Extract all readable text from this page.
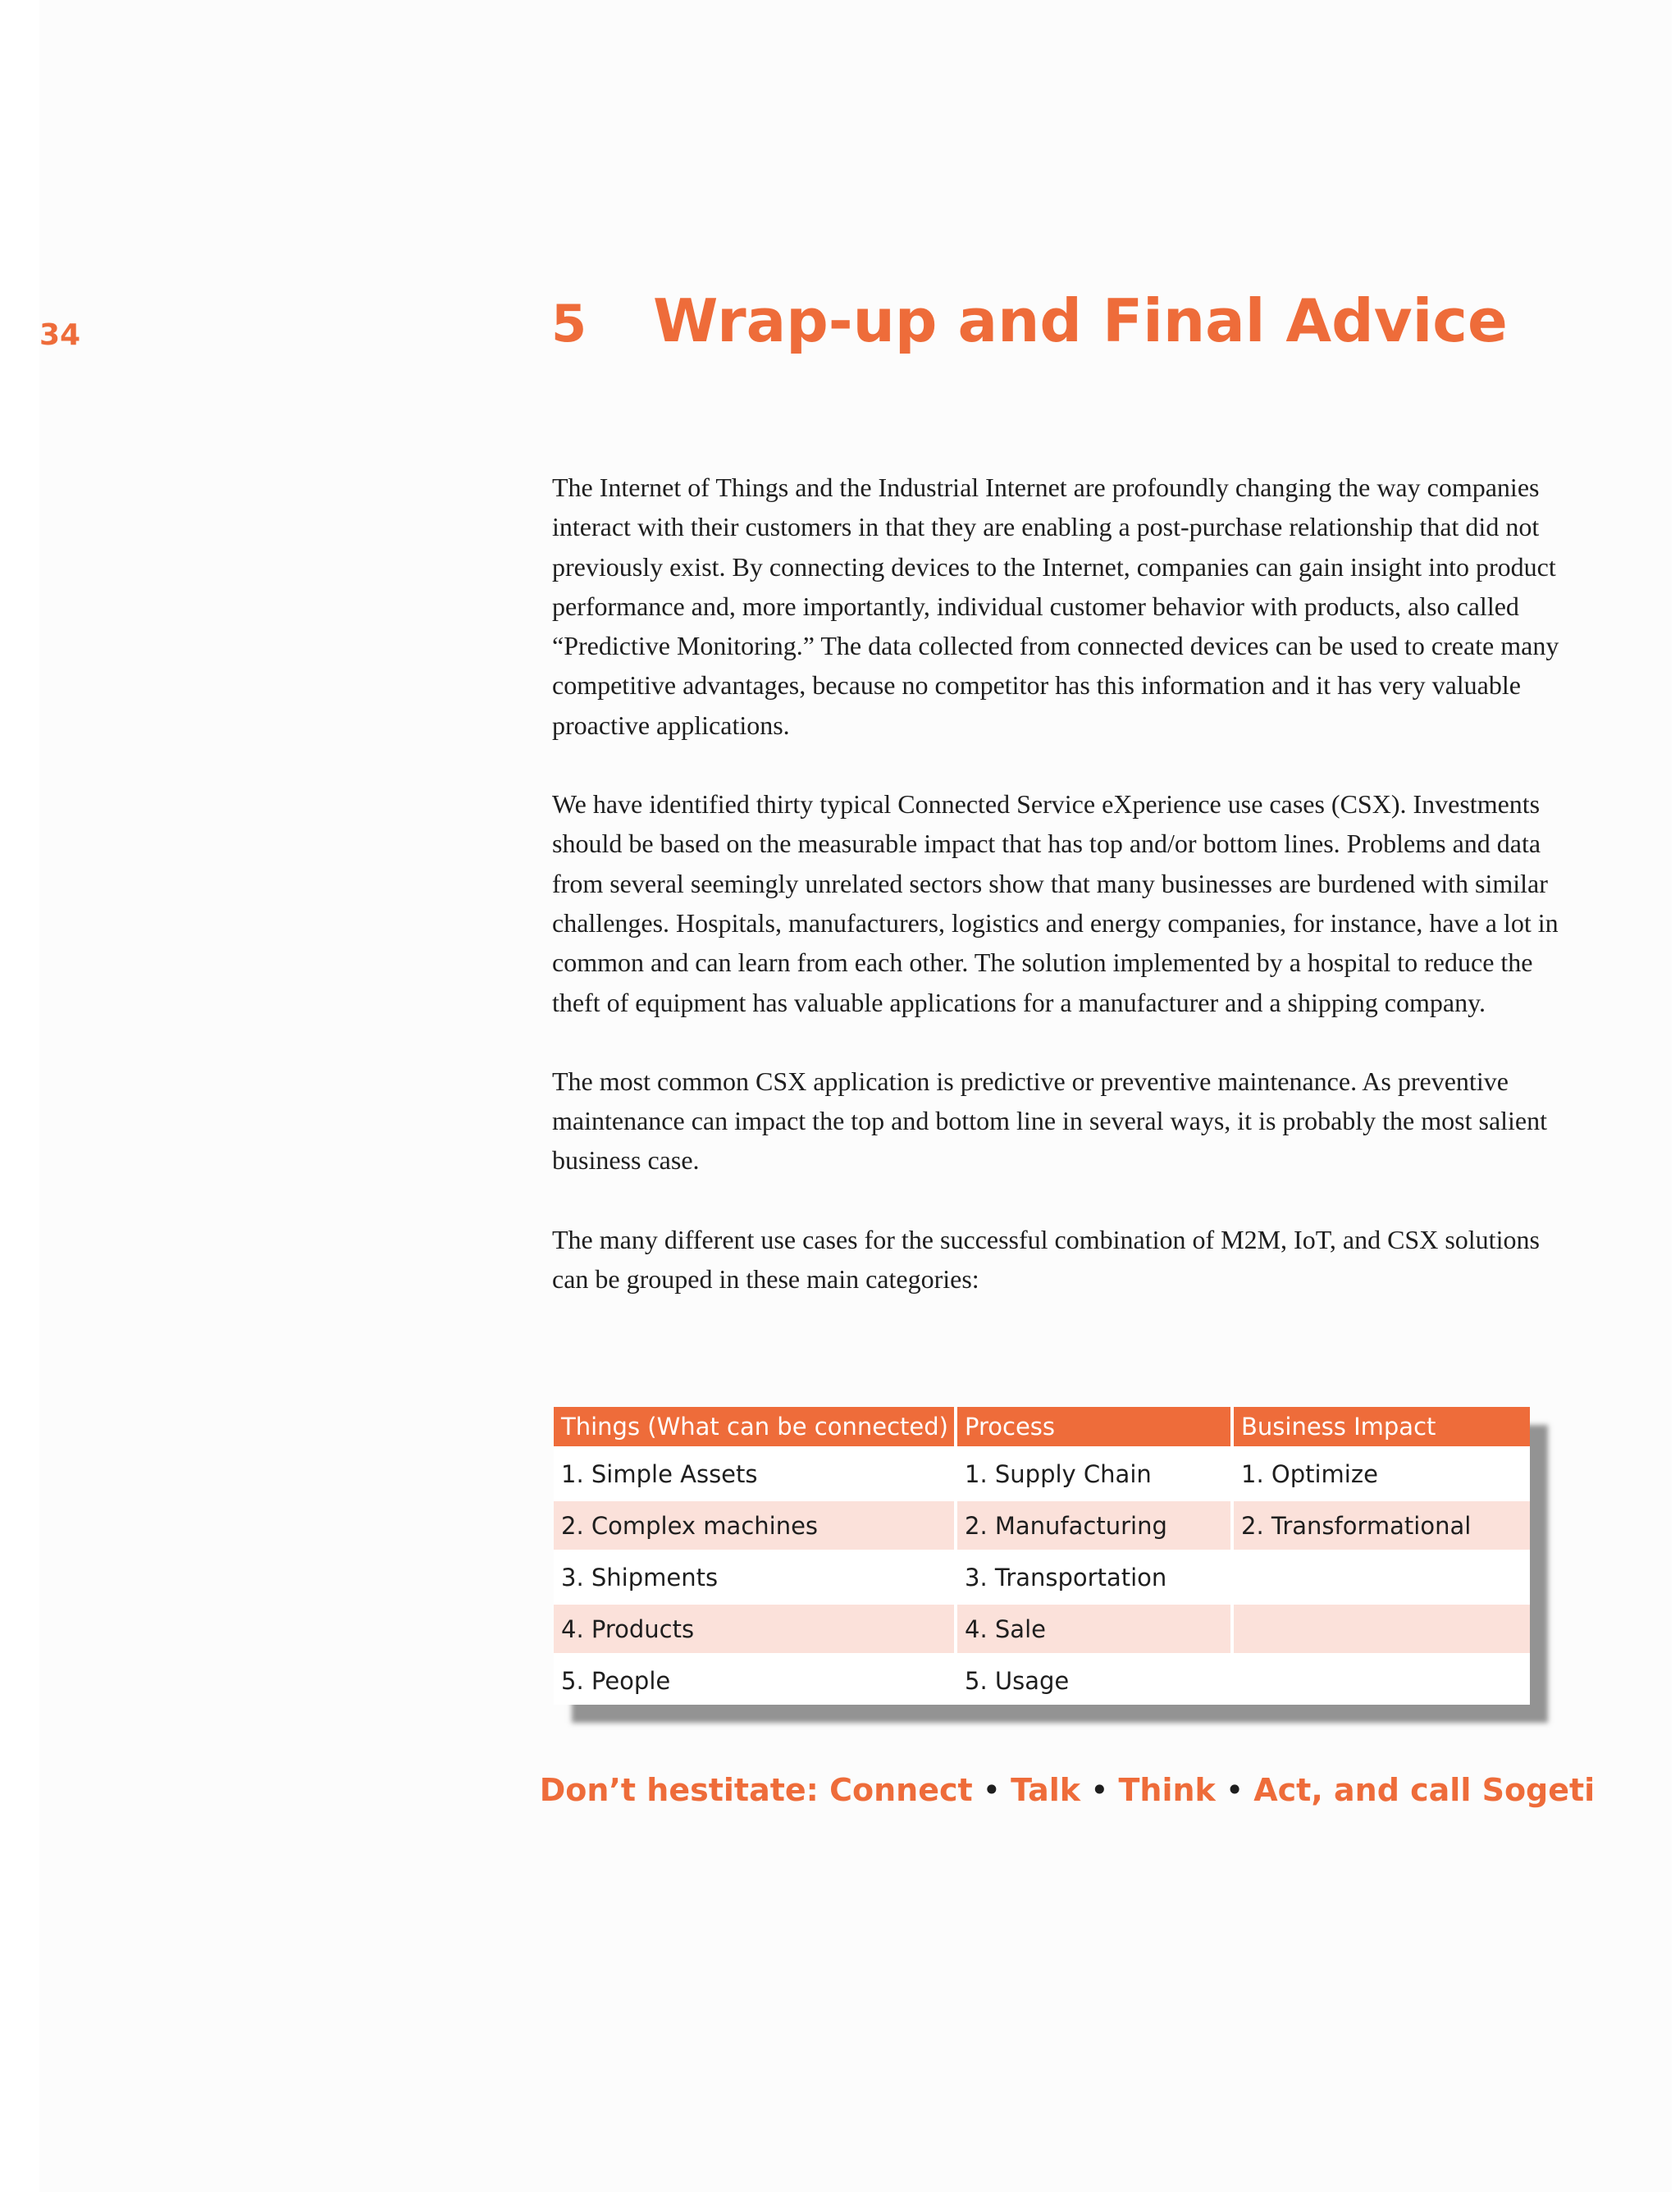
34	5 Wrap-up and Final Advice

The Internet of Things and the Industrial Internet are profoundly changing the way companies interact with their customers in that they are enabling a post-purchase relationship that did not previously exist. By connecting devices to the Internet, companies can gain insight into product performance and, more importantly, individual customer behavior with products, also called “Predictive Monitoring.” The data collected from connected devices can be used to create many competitive advantages, because no competitor has this information and it has very valuable proactive applications.

We have identified thirty typical Connected Service eXperience use cases (CSX). Investments should be based on the measurable impact that has top and/or bottom lines. Problems and data from several seemingly unrelated sectors show that many businesses are burdened with similar challenges. Hospitals, manufacturers, logistics and energy companies, for instance, have a lot in common and can learn from each other. The solution implemented by a hospital to reduce the theft of equipment has valuable applications for a manufacturer and a shipping company.

The most common CSX application is predictive or preventive maintenance. As preventive maintenance can impact the top and bottom line in several ways, it is probably the most salient business case.

The many different use cases for the successful combination of M2M, IoT, and CSX solutions can be grouped in these main categories:

Things (What can be connected)	Process	Business Impact
1. Simple Assets	1. Supply Chain	1. Optimize
2. Complex machines	2. Manufacturing	2. Transformational
3. Shipments	3. Transportation	
4. Products	4. Sale	
5. People	5. Usage	
Don’t hestitate: Connect • Talk • Think • Act, and call Sogeti
